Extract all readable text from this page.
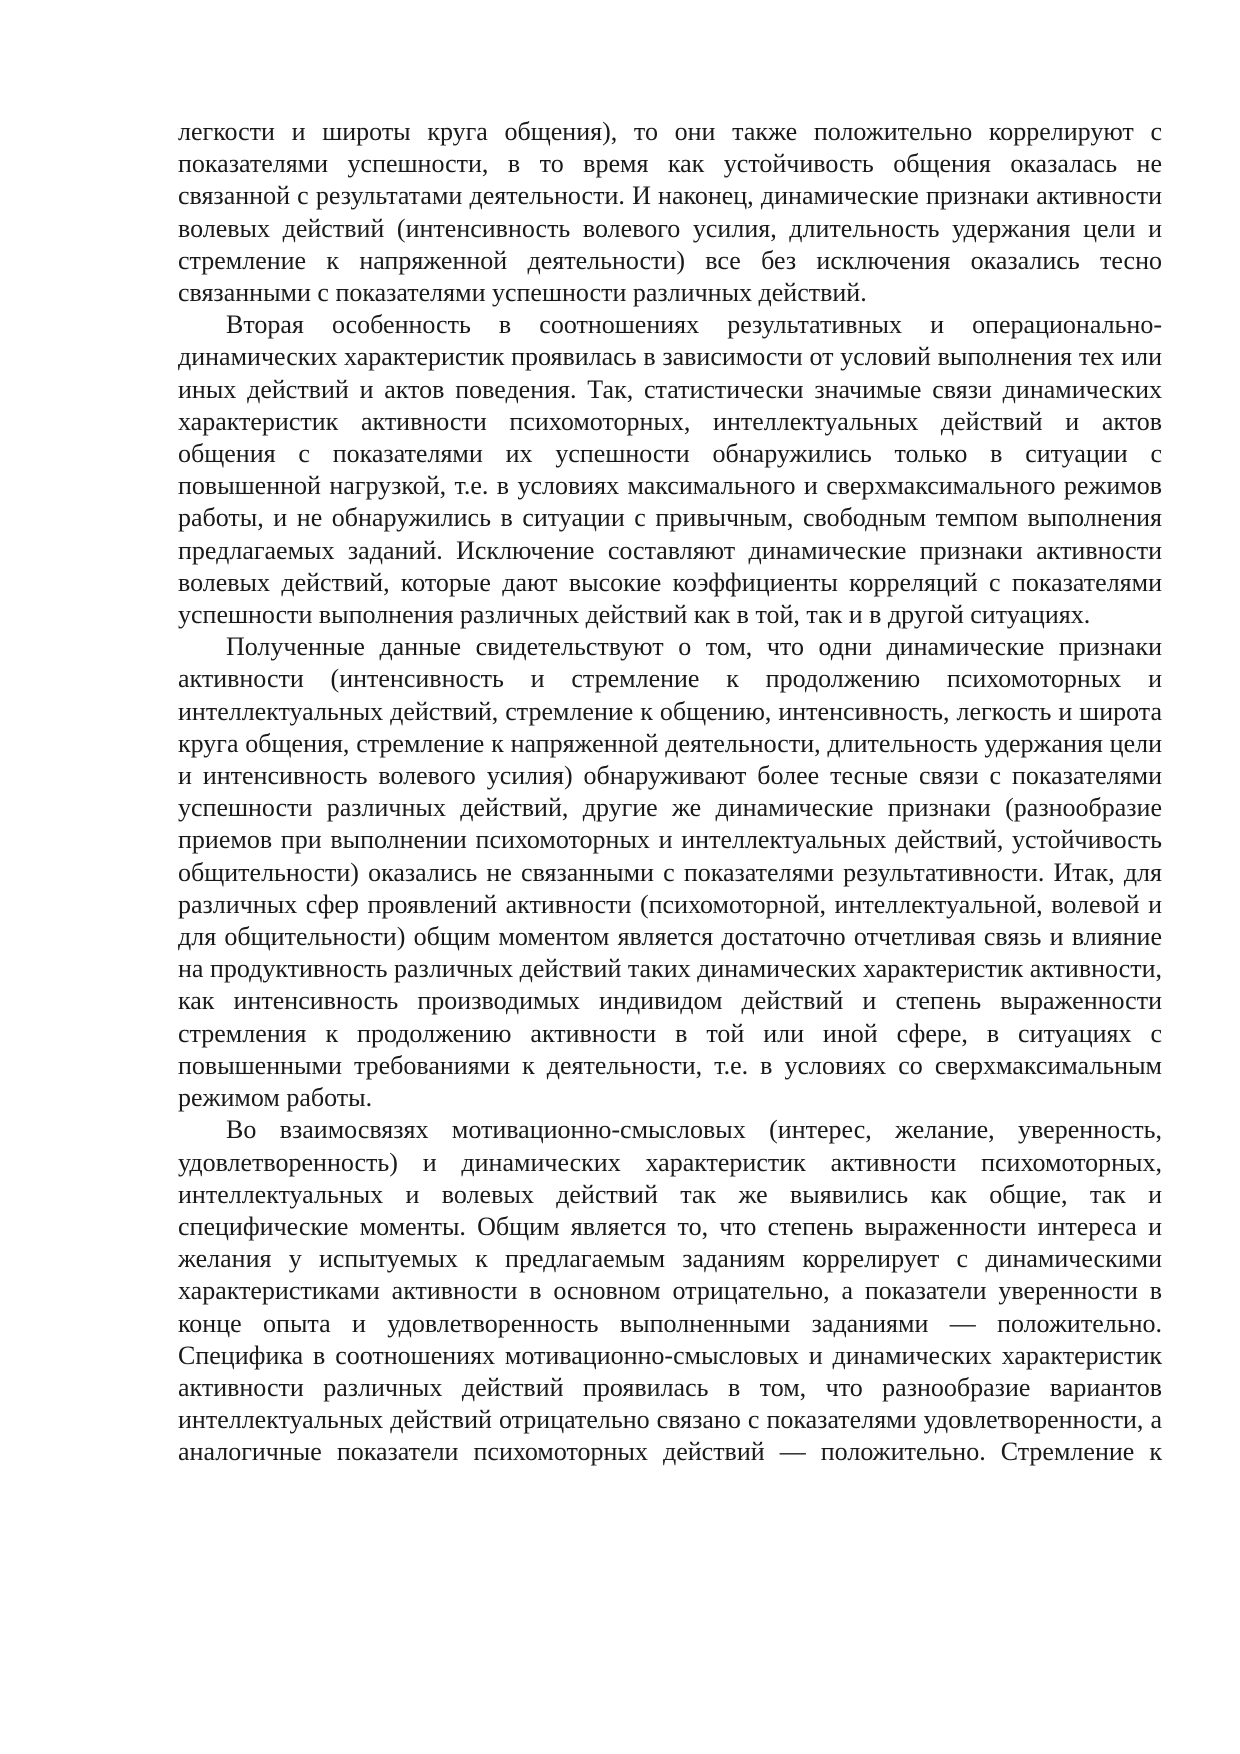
легкости и широты круга общения), то они также положительно коррелируют с показателями успешности, в то время как устойчивость общения оказалась не связанной с результатами деятельности. И наконец, динамические признаки активности волевых действий (интенсивность волевого усилия, длительность удержания цели и стремление к напряженной деятельности) все без исключения оказались тесно связанными с показателями успешности различных действий.

Вторая особенность в соотношениях результативных и операционально-динамических характеристик проявилась в зависимости от условий выполнения тех или иных действий и актов поведения. Так, статистически значимые связи динамических характеристик активности психомоторных, интеллектуальных действий и актов общения с показателями их успешности обнаружились только в ситуации с повышенной нагрузкой, т.е. в условиях максимального и сверхмаксимального режимов работы, и не обнаружились в ситуации с привычным, свободным темпом выполнения предлагаемых заданий. Исключение составляют динамические признаки активности волевых действий, которые дают высокие коэффициенты корреляций с показателями успешности выполнения различных действий как в той, так и в другой ситуациях.

Полученные данные свидетельствуют о том, что одни динамические признаки активности (интенсивность и стремление к продолжению психомоторных и интеллектуальных действий, стремление к общению, интенсивность, легкость и широта круга общения, стремление к напряженной деятельности, длительность удержания цели и интенсивность волевого усилия) обнаруживают более тесные связи с показателями успешности различных действий, другие же динамические признаки (разнообразие приемов при выполнении психомоторных и интеллектуальных действий, устойчивость общительности) оказались не связанными с показателями результативности. Итак, для различных сфер проявлений активности (психомоторной, интеллектуальной, волевой и для общительности) общим моментом является достаточно отчетливая связь и влияние на продуктивность различных действий таких динамических характеристик активности, как интенсивность производимых индивидом действий и степень выраженности стремления к продолжению активности в той или иной сфере, в ситуациях с повышенными требованиями к деятельности, т.е. в условиях со сверхмаксимальным режимом работы.

Во взаимосвязях мотивационно-смысловых (интерес, желание, уверенность, удовлетворенность) и динамических характеристик активности психомоторных, интеллектуальных и волевых действий так же выявились как общие, так и специфические моменты. Общим является то, что степень выраженности интереса и желания у испытуемых к предлагаемым заданиям коррелирует с динамическими характеристиками активности в основном отрицательно, а показатели уверенности в конце опыта и удовлетворенность выполненными заданиями — положительно. Специфика в соотношениях мотивационно-смысловых и динамических характеристик активности различных действий проявилась в том, что разнообразие вариантов интеллектуальных действий отрицательно связано с показателями удовлетворенности, а аналогичные показатели психомоторных действий — положительно. Стремление к
